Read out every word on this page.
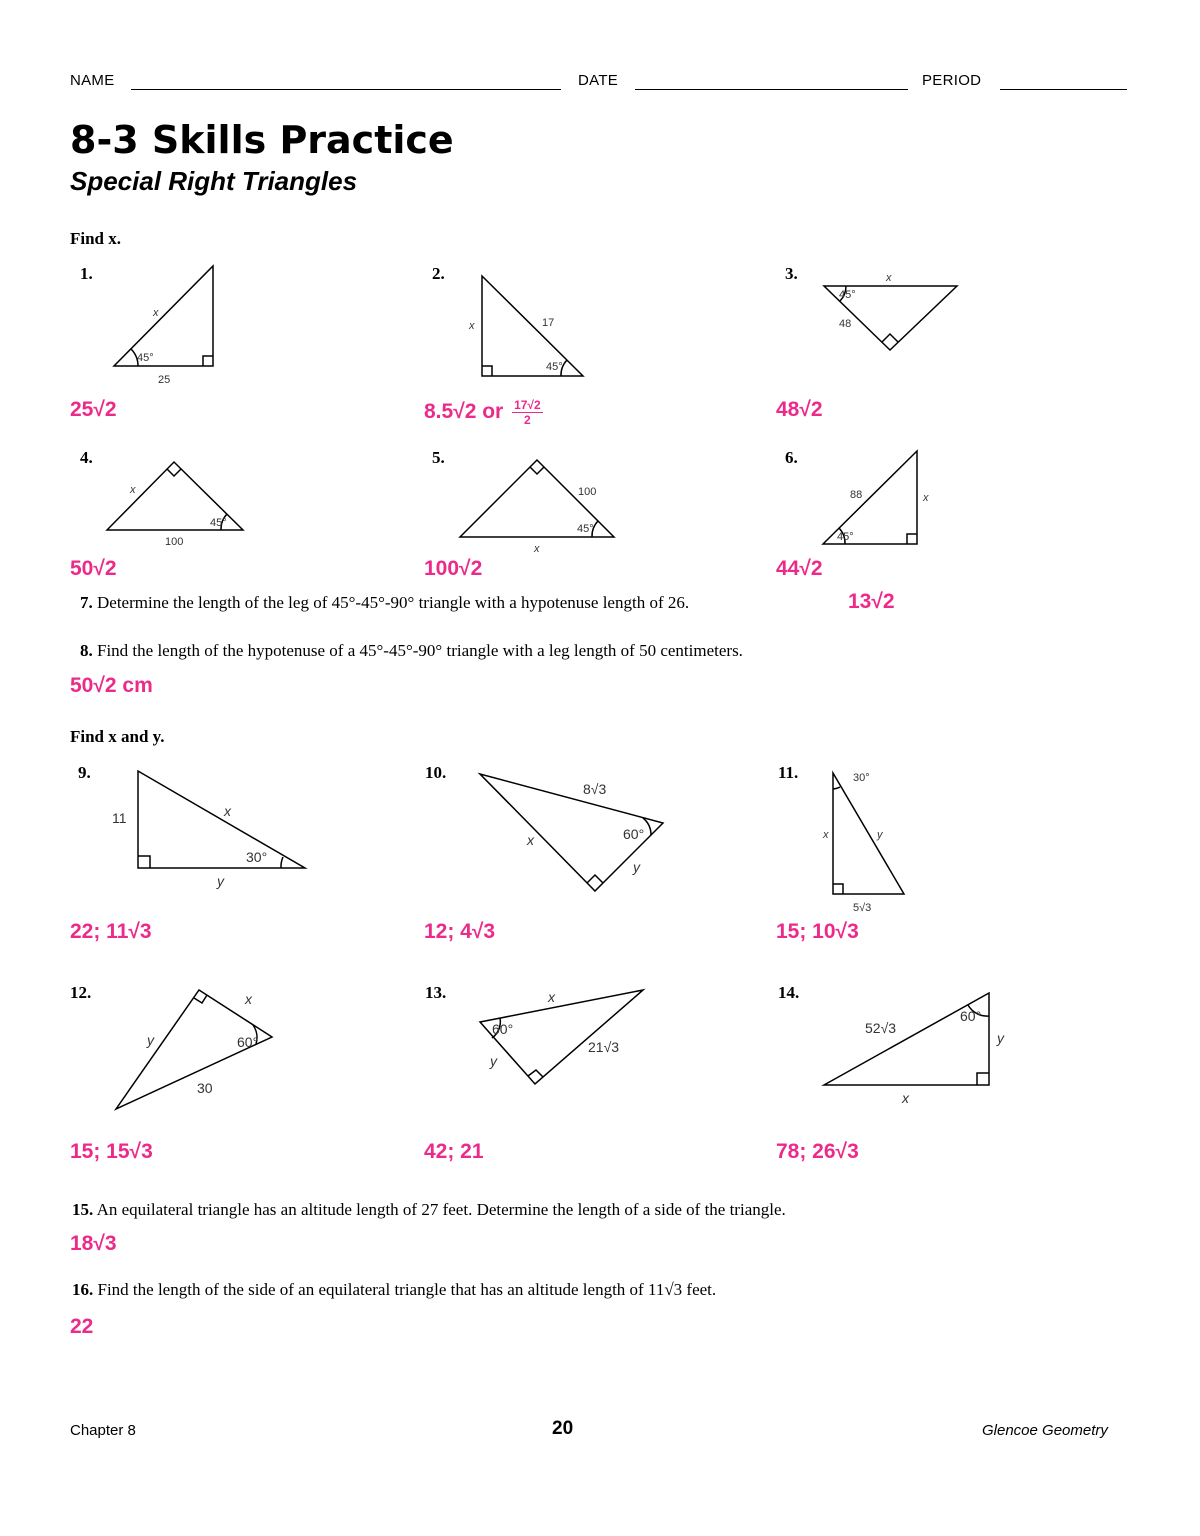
NAME	DATE	PERIOD
8-3 Skills Practice
Special Right Triangles
Find x.
1.
x
45°
25
25√2
2.
x	17
45°
8.5√2 or $\frac{17√2}{2}$
3.	x
45°
48
48√2
4.
x
45°
100
50√2
5.
100
45°
x
100√2
6.
88	x
45°
44√2
7. Determine the length of the leg of 45°-45°-90° triangle with a hypotenuse length of 26.	13√2
8. Find the length of the hypotenuse of a 45°-45°-90° triangle with a leg length of 50 centimeters.
50√2 cm
Find x and y.
9.
11	x
30°
y
22; 11√3
10.
8√3
x	60°
y
12; 4√3
11.	30°
x	y
5√3
15; 10√3
12.	x
y	60°
30
15; 15√3
13.	x
60°
y
21√3
42; 21
14.
52√3
60°
y
x
78; 26√3
15. An equilateral triangle has an altitude length of 27 feet. Determine the length of a side of the triangle.
18√3
16. Find the length of the side of an equilateral triangle that has an altitude length of 11√3 feet.
22
Chapter 8	20	Glencoe Geometry
